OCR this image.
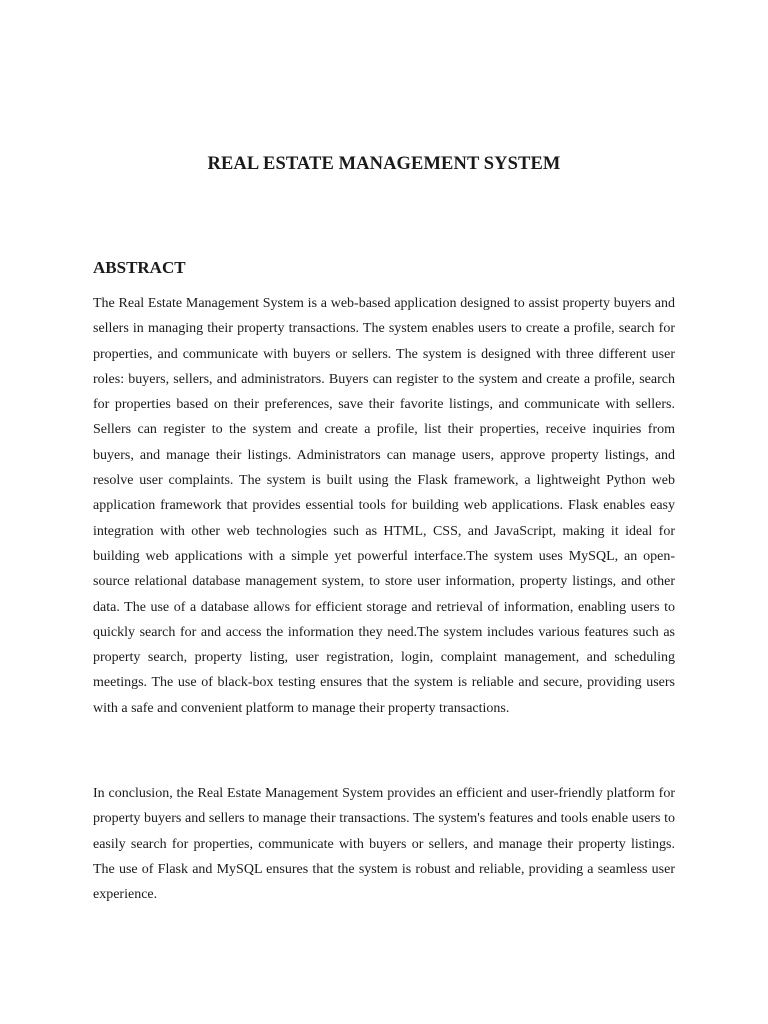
REAL ESTATE MANAGEMENT SYSTEM
ABSTRACT

The Real Estate Management System is a web-based application designed to assist property buyers and sellers in managing their property transactions. The system enables users to create a profile, search for properties, and communicate with buyers or sellers. The system is designed with three different user roles: buyers, sellers, and administrators. Buyers can register to the system and create a profile, search for properties based on their preferences, save their favorite listings, and communicate with sellers. Sellers can register to the system and create a profile, list their properties, receive inquiries from buyers, and manage their listings. Administrators can manage users, approve property listings, and resolve user complaints. The system is built using the Flask framework, a lightweight Python web application framework that provides essential tools for building web applications. Flask enables easy integration with other web technologies such as HTML, CSS, and JavaScript, making it ideal for building web applications with a simple yet powerful interface.The system uses MySQL, an open-source relational database management system, to store user information, property listings, and other data. The use of a database allows for efficient storage and retrieval of information, enabling users to quickly search for and access the information they need.The system includes various features such as property search, property listing, user registration, login, complaint management, and scheduling meetings. The use of black-box testing ensures that the system is reliable and secure, providing users with a safe and convenient platform to manage their property transactions.

In conclusion, the Real Estate Management System provides an efficient and user-friendly platform for property buyers and sellers to manage their transactions. The system's features and tools enable users to easily search for properties, communicate with buyers or sellers, and manage their property listings. The use of Flask and MySQL ensures that the system is robust and reliable, providing a seamless user experience.
